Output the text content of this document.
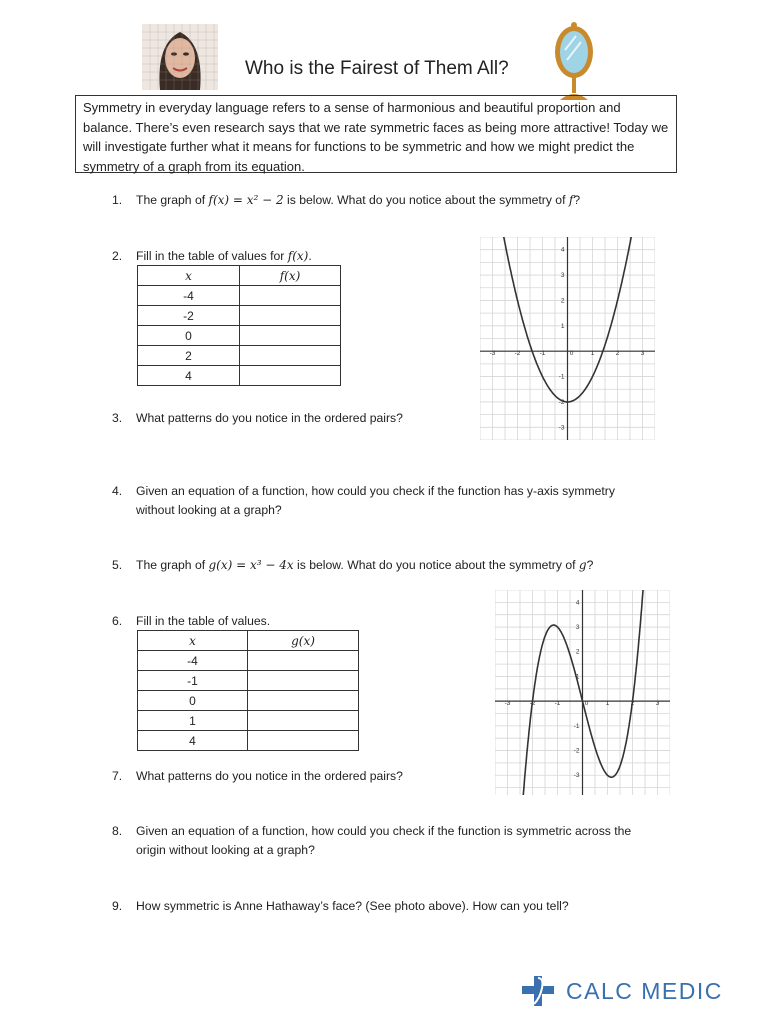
Who is the Fairest of Them All?
Symmetry in everyday language refers to a sense of harmonious and beautiful proportion and balance. There’s even research says that we rate symmetric faces as being more attractive! Today we will investigate further what it means for functions to be symmetric and how we might predict the symmetry of a graph from its equation.
1. The graph of f(x) = x² − 2 is below. What do you notice about the symmetry of f?
2. Fill in the table of values for f(x).
x	f(x)
-4	
-2	
0	
2	
4	
-3	-2	-1	0	1	2	3
4
3
2
1
-1
-2
-3
3. What patterns do you notice in the ordered pairs?
4. Given an equation of a function, how could you check if the function has y-axis symmetry
without looking at a graph?
5. The graph of g(x) = x³ − 4x is below. What do you notice about the symmetry of g?
6. Fill in the table of values.
x	g(x)
-4	
-1	
0	
1	
4	
-3	-2	-1	0	1	2	3
4
3
2
1
-1
-2
-3
7. What patterns do you notice in the ordered pairs?
8. Given an equation of a function, how could you check if the function is symmetric across the
origin without looking at a graph?
9. How symmetric is Anne Hathaway’s face? (See photo above). How can you tell?
CALC MEDIC
